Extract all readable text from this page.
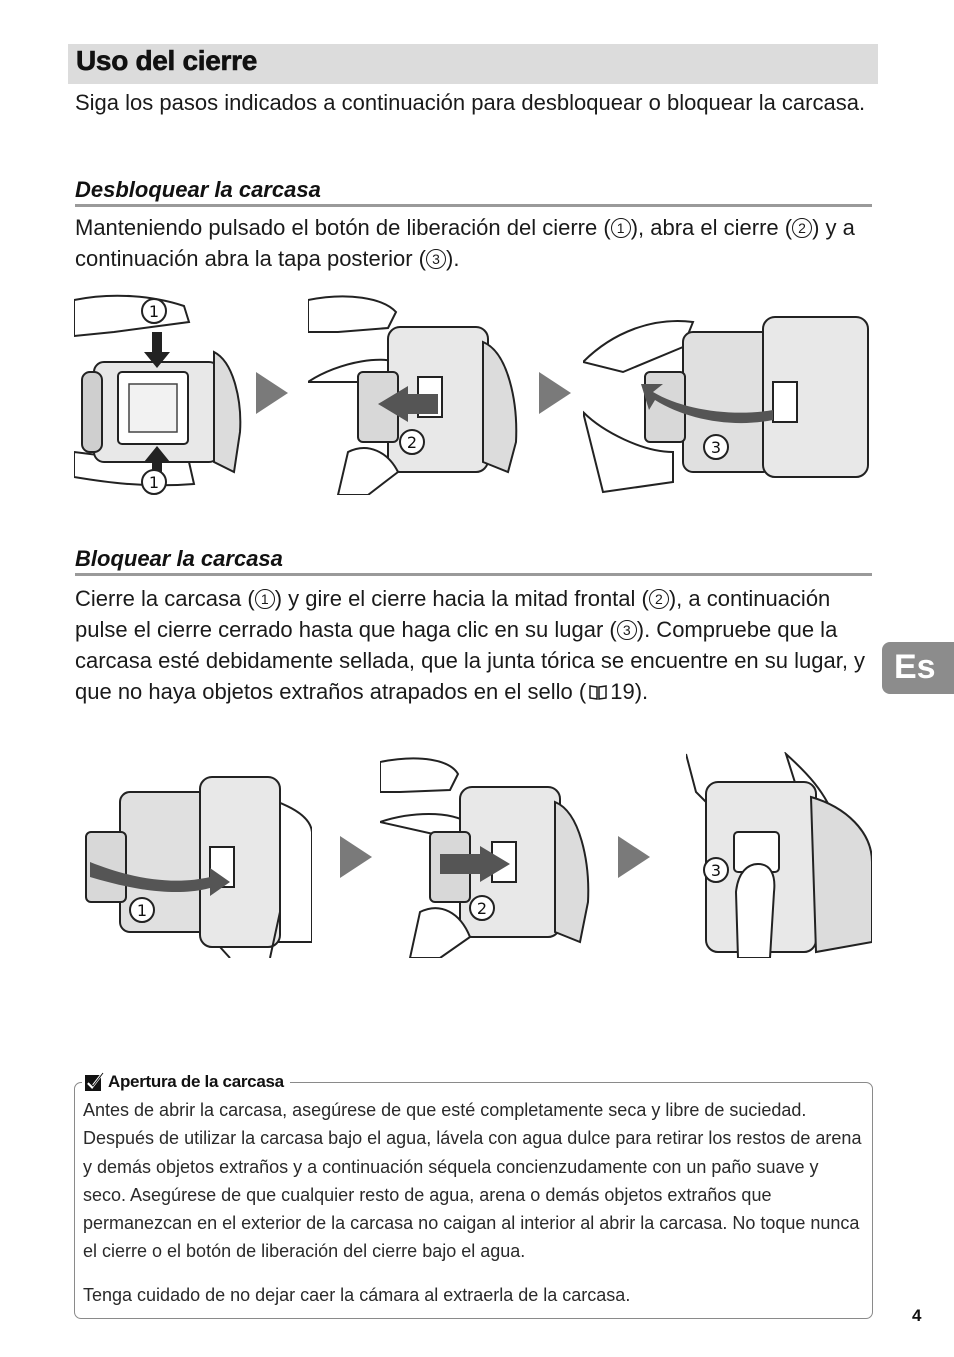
Uso del cierre

Siga los pasos indicados a continuación para desbloquear o bloquear la carcasa.

Desbloquear la carcasa

Manteniendo pulsado el botón de liberación del cierre ( 1 ), abra el cierre ( 2 ) y a continuación abra la tapa posterior ( 3 ).

1
1
2	3
Bloquear la carcasa

Cierre la carcasa ( 1 ) y gire el cierre hacia la mitad frontal ( 2 ), a continuación pulse el cierre cerrado hasta que haga clic en su lugar ( 3 ). Compruebe que la carcasa esté debidamente sellada, que la junta tórica se encuentre en su lugar, y que no haya objetos extraños atrapados en el sello ( 19).

Es
1	2
3
Apertura de la carcasa

Antes de abrir la carcasa, asegúrese de que esté completamente seca y libre de suciedad. Después de utilizar la carcasa bajo el agua, lávela con agua dulce para retirar los restos de arena y demás objetos extraños y a continuación séquela concienzudamente con un paño suave y seco. Asegúrese de que cualquier resto de agua, arena o demás objetos extraños que permanezcan en el exterior de la carcasa no caigan al interior al abrir la carcasa. No toque nunca el cierre o el botón de liberación del cierre bajo el agua.

Tenga cuidado de no dejar caer la cámara al extraerla de la carcasa.

4
